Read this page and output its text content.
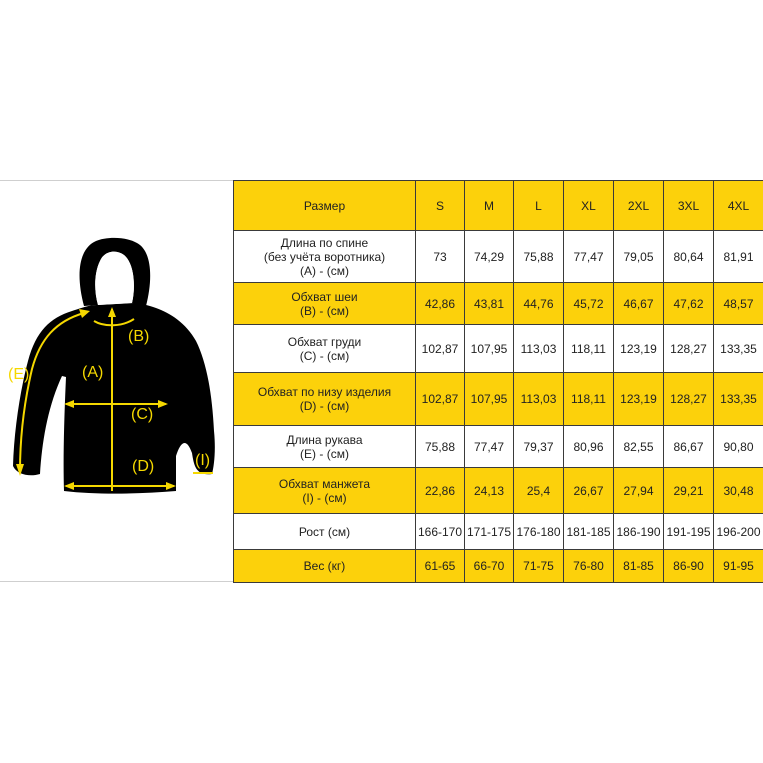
(A)
(B)
(C)
(D)
(E)
(I)
Размер	S	M	L	XL	2XL	3XL	4XL
Длина по спине
(без учёта воротника)
(A) - (см)	73	74,29	75,88	77,47	79,05	80,64	81,91
Обхват шеи
(B) - (см)	42,86	43,81	44,76	45,72	46,67	47,62	48,57
Обхват груди
(C) - (см)	102,87	107,95	113,03	118,11	123,19	128,27	133,35
Обхват по низу изделия
(D) - (см)	102,87	107,95	113,03	118,11	123,19	128,27	133,35
Длина рукава
(E) - (см)	75,88	77,47	79,37	80,96	82,55	86,67	90,80
Обхват манжета
(I) - (см)	22,86	24,13	25,4	26,67	27,94	29,21	30,48
Рост (см)	166-170	171-175	176-180	181-185	186-190	191-195	196-200
Вес (кг)	61-65	66-70	71-75	76-80	81-85	86-90	91-95
